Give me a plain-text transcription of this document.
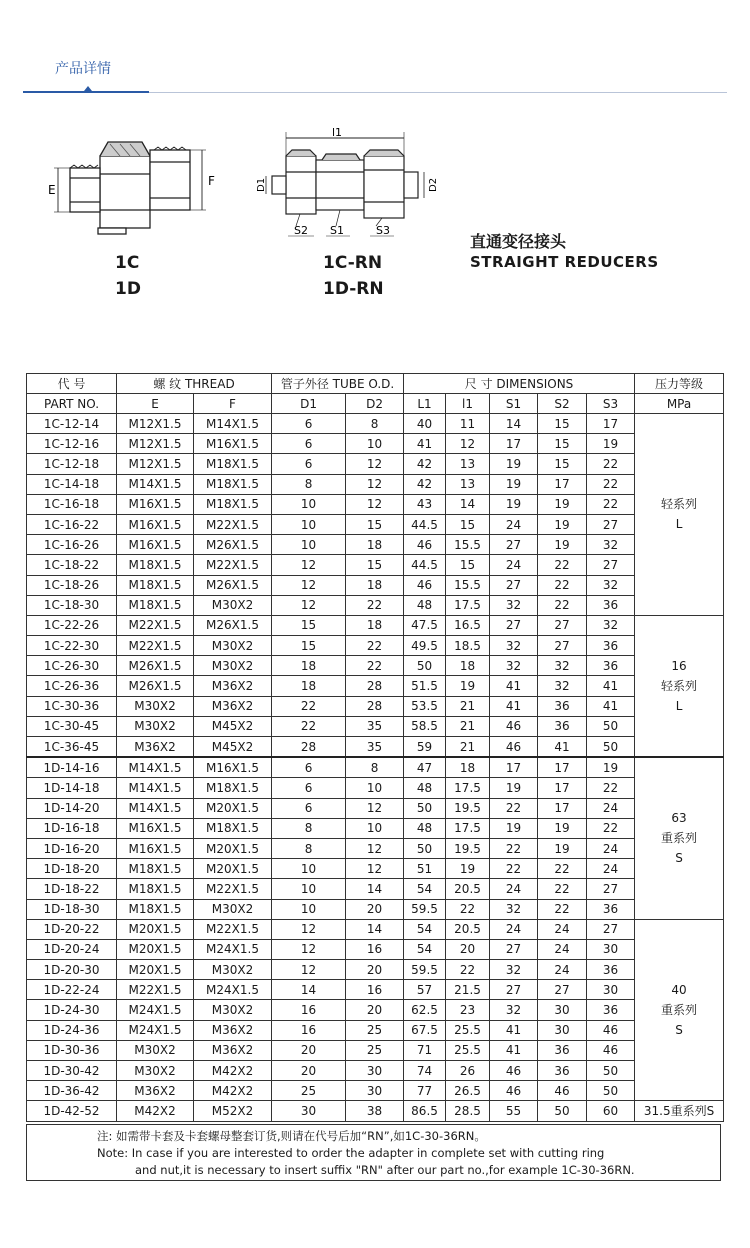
产品详情
E
F
l1
D1	D2
S2 S1	S3
1C
1D
1C-RN
1D-RN
直通变径接头
STRAIGHT REDUCERS
代 号	螺 纹 THREAD		管子外径 TUBE O.D.		尺 寸 DIMENSIONS					压力等级
PART NO.	E	F	D1	D2	L1	l1	S1	S2	S3	MPa
1C-12-14	M12X1.5	M14X1.5	6	8	40	11	14	15	17	轻系列
L

1C-12-16	M12X1.5	M16X1.5	6	10	41	12	17	15	19	
1C-12-18	M12X1.5	M18X1.5	6	12	42	13	19	15	22	
1C-14-18	M14X1.5	M18X1.5	8	12	42	13	19	17	22	
1C-16-18	M16X1.5	M18X1.5	10	12	43	14	19	19	22	
1C-16-22	M16X1.5	M22X1.5	10	15	44.5	15	24	19	27	
1C-16-26	M16X1.5	M26X1.5	10	18	46	15.5	27	19	32	
1C-18-22	M18X1.5	M22X1.5	12	15	44.5	15	24	22	27	
1C-18-26	M18X1.5	M26X1.5	12	18	46	15.5	27	22	32	
1C-18-30	M18X1.5	M30X2	12	22	48	17.5	32	22	36	
1C-22-26	M22X1.5	M26X1.5	15	18	47.5	16.5	27	27	32	16
轻系列
L

1C-22-30	M22X1.5	M30X2	15	22	49.5	18.5	32	27	36	
1C-26-30	M26X1.5	M30X2	18	22	50	18	32	32	36	
1C-26-36	M26X1.5	M36X2	18	28	51.5	19	41	32	41	
1C-30-36	M30X2	M36X2	22	28	53.5	21	41	36	41	
1C-30-45	M30X2	M45X2	22	35	58.5	21	46	36	50	
1C-36-45	M36X2	M45X2	28	35	59	21	46	41	50	
1D-14-16	M14X1.5	M16X1.5	6	8	47	18	17	17	19	63
重系列
S

1D-14-18	M14X1.5	M18X1.5	6	10	48	17.5	19	17	22	
1D-14-20	M14X1.5	M20X1.5	6	12	50	19.5	22	17	24	
1D-16-18	M16X1.5	M18X1.5	8	10	48	17.5	19	19	22	
1D-16-20	M16X1.5	M20X1.5	8	12	50	19.5	22	19	24	
1D-18-20	M18X1.5	M20X1.5	10	12	51	19	22	22	24	
1D-18-22	M18X1.5	M22X1.5	10	14	54	20.5	24	22	27	
1D-18-30	M18X1.5	M30X2	10	20	59.5	22	32	22	36	
1D-20-22	M20X1.5	M22X1.5	12	14	54	20.5	24	24	27	40
重系列
S

1D-20-24	M20X1.5	M24X1.5	12	16	54	20	27	24	30	
1D-20-30	M20X1.5	M30X2	12	20	59.5	22	32	24	36	
1D-22-24	M22X1.5	M24X1.5	14	16	57	21.5	27	27	30	
1D-24-30	M24X1.5	M30X2	16	20	62.5	23	32	30	36	
1D-24-36	M24X1.5	M36X2	16	25	67.5	25.5	41	30	46	
1D-30-36	M30X2	M36X2	20	25	71	25.5	41	36	46	
1D-30-42	M30X2	M42X2	20	30	74	26	46	36	50	
1D-36-42	M36X2	M42X2	25	30	77	26.5	46	46	50	
1D-42-52	M42X2	M52X2	30	38	86.5	28.5	55	50	60	31.5重系列S
注: 如需带卡套及卡套螺母整套订货,则请在代号后加“RN”,如1C-30-36RN。
Note: In case if you are interested to order the adapter in complete set with cutting ring
and nut,it is necessary to insert suffix "RN" after our part no.,for example 1C-30-36RN.
